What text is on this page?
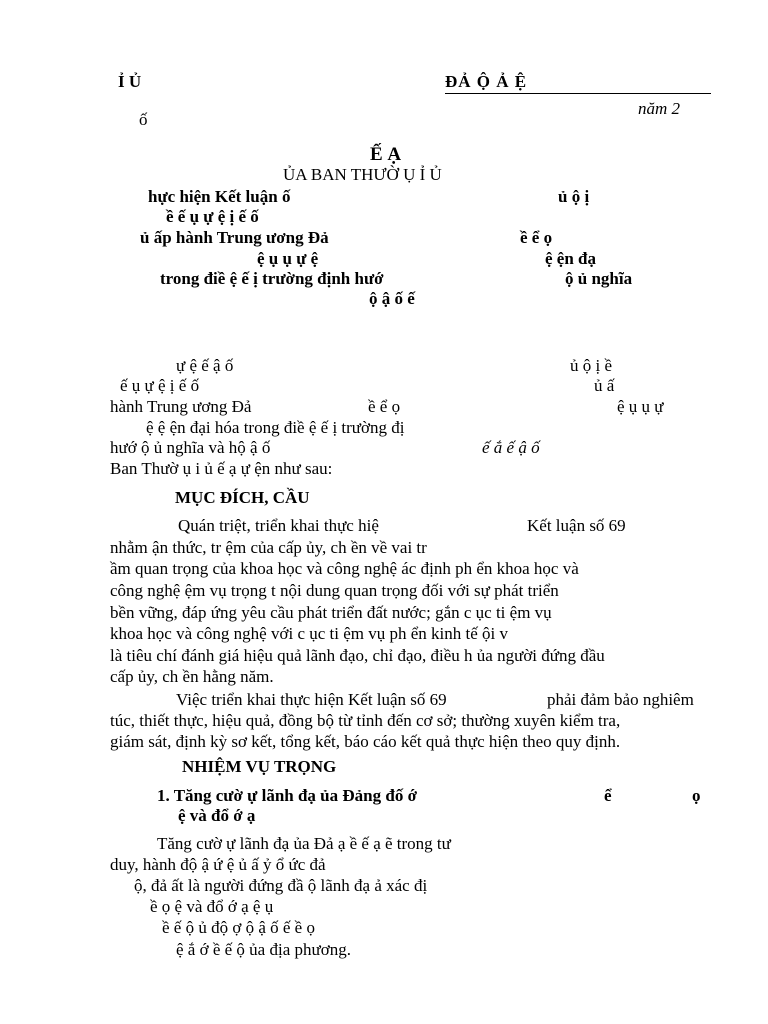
Ỉ Ủ	ĐẢ Ộ Ả Ệ
năm 2
ố
Ế Ạ
ỦA BAN THƯỜ Ụ Ỉ Ủ
hực hiện Kết luận ố	ủ ộ ị
ề ế ụ ự ệ ị ế ố
ủ ấp hành Trung ương Đả	ề ể ọ
ệ ụ ụ ự ệ	ệ ện đạ
trong điề ệ ế ị trường định hướ	ộ ủ nghĩa
ộ ậ ố ế
ự ệ ế ậ ố	ủ ộ ị ề
ế ụ ự ệ ị ế ố	ủ ấ
hành Trung ương Đả	ề ể ọ	ệ ụ ụ ự
ệ ệ ện đại hóa trong điề ệ ế ị trường đị
hướ ộ ủ nghĩa và hộ ậ ố	ế ắ ế ậ ố
Ban Thườ ụ i ủ ế ạ ự ện như sau:
MỤC ĐÍCH, CẦU
Quán triệt, triển khai thực hiệ	Kết luận số 69
nhằm ận thức, tr ệm của cấp ủy, ch ền về vai tr
ầm quan trọng của khoa học và công nghệ ác định ph ển khoa học và
công nghệ ệm vụ trọng t nội dung quan trọng đối với sự phát triển
bền vững, đáp ứng yêu cầu phát triển đất nước; gắn c ục ti ệm vụ
khoa học và công nghệ với c ục ti ệm vụ ph ển kinh tế ội v
là tiêu chí đánh giá hiệu quả lãnh đạo, chỉ đạo, điều h ủa người đứng đầu
cấp ủy, ch ền hằng năm.
Việc triển khai thực hiện Kết luận số 69	phải đảm bảo nghiêm
túc, thiết thực, hiệu quả, đồng bộ từ tỉnh đến cơ sở; thường xuyên kiểm tra,
giám sát, định kỳ sơ kết, tổng kết, báo cáo kết quả thực hiện theo quy định.
NHIỆM VỤ TRỌNG
1. Tăng cườ ự lãnh đạ ủa Đảng đố ớ	ể	ọ
ệ và đổ ớ ạ
Tăng cườ ự lãnh đạ ủa Đả ạ ề ế ạ ẽ trong tư
duy, hành độ ậ ứ ệ ủ ấ ỷ ổ ức đả
ộ, đả ất là người đứng đầ ộ lãnh đạ ả xác đị
ề ọ ệ và đổ ớ ạ ệ ụ
ề ế ộ ủ độ ợ ộ ậ ố ế ề ọ
ệ ắ ớ ề ế ộ ủa địa phương.
